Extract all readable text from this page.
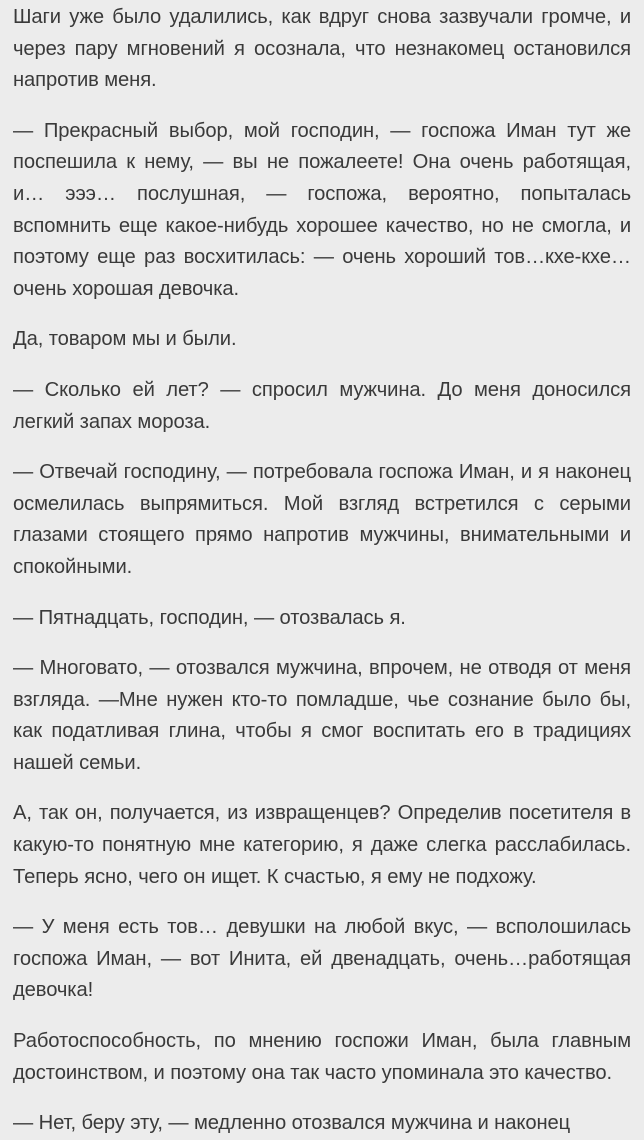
Шаги уже было удалились, как вдруг снова зазвучали громче, и через пару мгновений я осознала, что незнакомец остановился напротив меня.

— Прекрасный выбор, мой господин, — госпожа Иман тут же поспешила к нему, — вы не пожалеете! Она очень работящая, и… эээ… послушная, — госпожа, вероятно, попыталась вспомнить еще какое-нибудь хорошее качество, но не смогла, и поэтому еще раз восхитилась: — очень хороший тов…кхе-кхе… очень хорошая девочка.

Да, товаром мы и были.

— Сколько ей лет? — спросил мужчина. До меня доносился легкий запах мороза.

— Отвечай господину, — потребовала госпожа Иман, и я наконец осмелилась выпрямиться. Мой взгляд встретился с серыми глазами стоящего прямо напротив мужчины, внимательными и спокойными.

— Пятнадцать, господин, — отозвалась я.

— Многовато, — отозвался мужчина, впрочем, не отводя от меня взгляда. —Мне нужен кто-то помладше, чье сознание было бы, как податливая глина, чтобы я смог воспитать его в традициях нашей семьи.

А, так он, получается, из извращенцев? Определив посетителя в какую-то понятную мне категорию, я даже слегка расслабилась. Теперь ясно, чего он ищет. К счастью, я ему не подхожу.

— У меня есть тов… девушки на любой вкус, — всполошилась госпожа Иман, — вот Инита, ей двенадцать, очень…работящая девочка!

Работоспособность, по мнению госпожи Иман, была главным достоинством, и поэтому она так часто упоминала это качество.

— Нет, беру эту, — медленно отозвался мужчина и наконец
